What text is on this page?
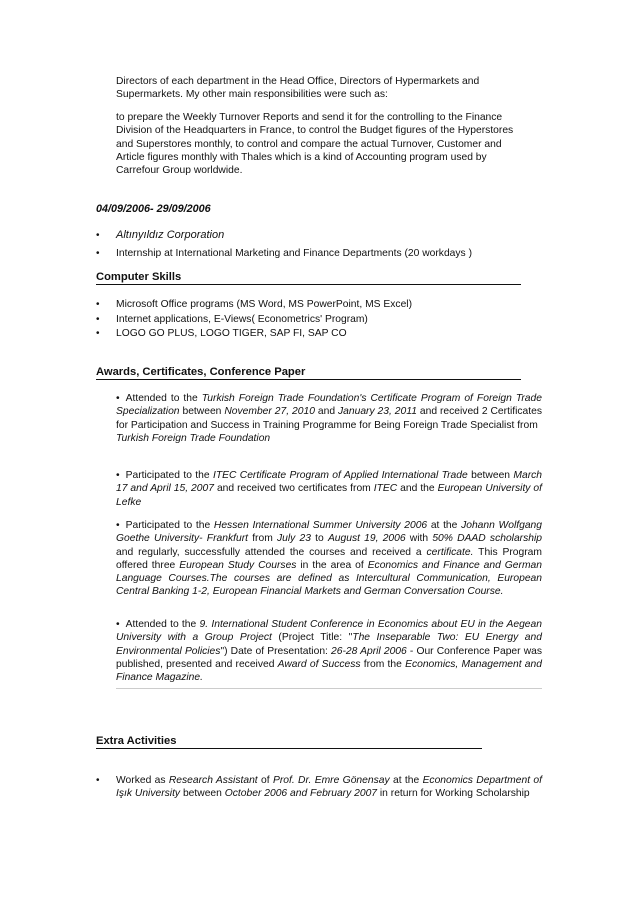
Directors of each department in the Head Office, Directors of Hypermarkets and
Supermarkets. My other main responsibilities were such as:
to prepare the Weekly Turnover Reports and send it for the controlling to the Finance
Division of the Headquarters in France, to control the Budget figures of the Hyperstores
and Superstores monthly, to control and compare the actual Turnover, Customer and
Article figures monthly with Thales which is a kind of Accounting program used by
Carrefour Group worldwide.
04/09/2006- 29/09/2006
• Altınyıldız Corporation
• Internship at International Marketing and Finance Departments (20 workdays )
Computer Skills
• Microsoft Office programs (MS Word, MS PowerPoint, MS Excel)
• Internet applications, E-Views( Econometrics' Program)
• LOGO GO PLUS, LOGO TIGER, SAP FI, SAP CO
Awards, Certificates, Conference Paper
• Attended to the Turkish Foreign Trade Foundation's Certificate Program of Foreign Trade Specialization between November 27, 2010 and January 23, 2011 and received 2 Certificates for Participation and Success in Training Programme for Being Foreign Trade Specialist from
Turkish Foreign Trade Foundation
• Participated to the ITEC Certificate Program of Applied International Trade between March 17 and April 15, 2007 and received two certificates from ITEC and the European University of Lefke
• Participated to the Hessen International Summer University 2006 at the Johann Wolfgang Goethe University- Frankfurt from July 23 to August 19, 2006 with 50% DAAD scholarship and regularly, successfully attended the courses and received a certificate. This Program offered three European Study Courses in the area of Economics and Finance and German Language Courses.The courses are defined as Intercultural Communication, European Central Banking 1-2, European Financial Markets and German Conversation Course.
• Attended to the 9. International Student Conference in Economics about EU in the Aegean University with a Group Project (Project Title: "The Inseparable Two: EU Energy and Environmental Policies") Date of Presentation: 26-28 April 2006 - Our Conference Paper was published, presented and received Award of Success from the Economics, Management and Finance Magazine.
Extra Activities
• Worked as Research Assistant of Prof. Dr. Emre Gönensay at the Economics Department of Işık University between October 2006 and February 2007 in return for Working Scholarship
